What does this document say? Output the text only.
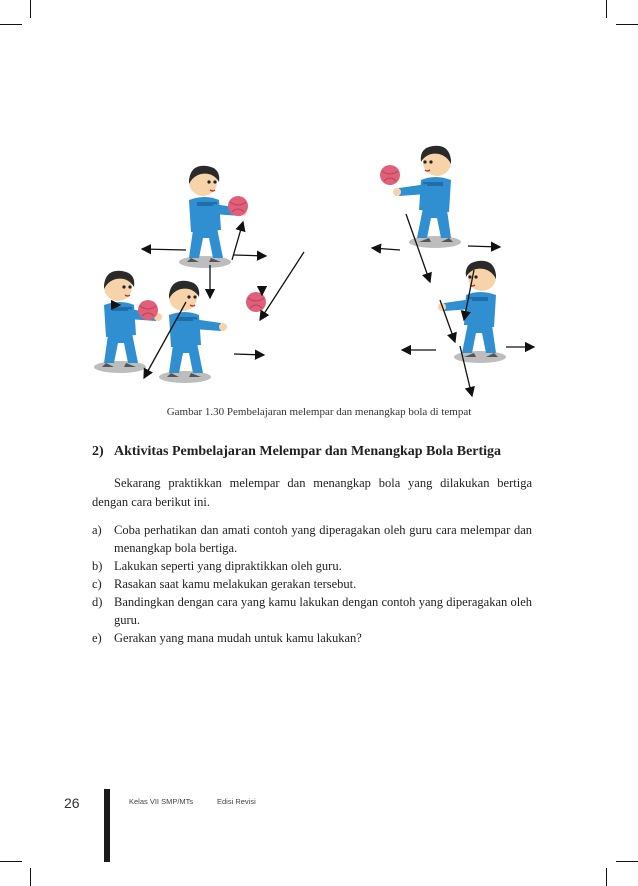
Gambar 1.30 Pembelajaran melempar dan menangkap bola di tempat
2) Aktivitas Pembelajaran Melempar dan Menangkap Bola Bertiga
Sekarang praktikkan melempar dan menangkap bola yang dilakukan bertiga dengan cara berikut ini.
a) Coba perhatikan dan amati contoh yang diperagakan oleh guru cara melempar dan menangkap bola bertiga.
b) Lakukan seperti yang dipraktikkan oleh guru.
c) Rasakan saat kamu melakukan gerakan tersebut.
d) Bandingkan dengan cara yang kamu lakukan dengan contoh yang diperagakan oleh guru.
e) Gerakan yang mana mudah untuk kamu lakukan?
26	Kelas VII SMP/MTs	Edisi Revisi
